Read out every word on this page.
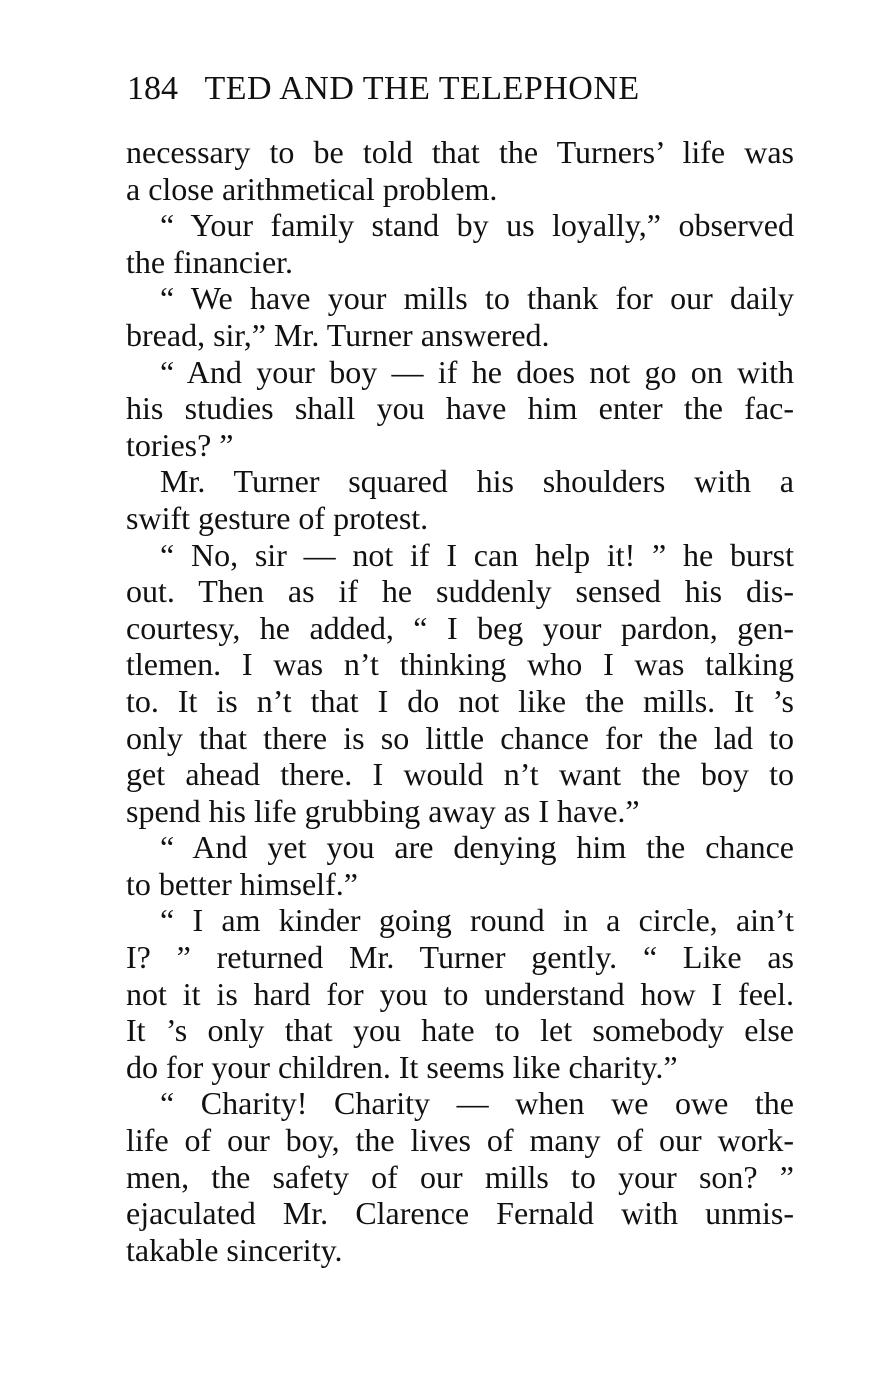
184 TED AND THE TELEPHONE
necessary to be told that the Turners’ life was
a close arithmetical problem.
“ Your family stand by us loyally,” observed
the financier.
“ We have your mills to thank for our daily
bread, sir,” Mr. Turner answered.
“ And your boy — if he does not go on with
his studies shall you have him enter the fac-
tories? ”
Mr. Turner squared his shoulders with a
swift gesture of protest.
“ No, sir — not if I can help it! ” he burst
out. Then as if he suddenly sensed his dis-
courtesy, he added, “ I beg your pardon, gen-
tlemen. I was n’t thinking who I was talking
to. It is n’t that I do not like the mills. It ’s
only that there is so little chance for the lad to
get ahead there. I would n’t want the boy to
spend his life grubbing away as I have.”
“ And yet you are denying him the chance
to better himself.”
“ I am kinder going round in a circle, ain’t
I? ” returned Mr. Turner gently. “ Like as
not it is hard for you to understand how I feel.
It ’s only that you hate to let somebody else
do for your children. It seems like charity.”
“ Charity! Charity — when we owe the
life of our boy, the lives of many of our work-
men, the safety of our mills to your son? ”
ejaculated Mr. Clarence Fernald with unmis-
takable sincerity.
